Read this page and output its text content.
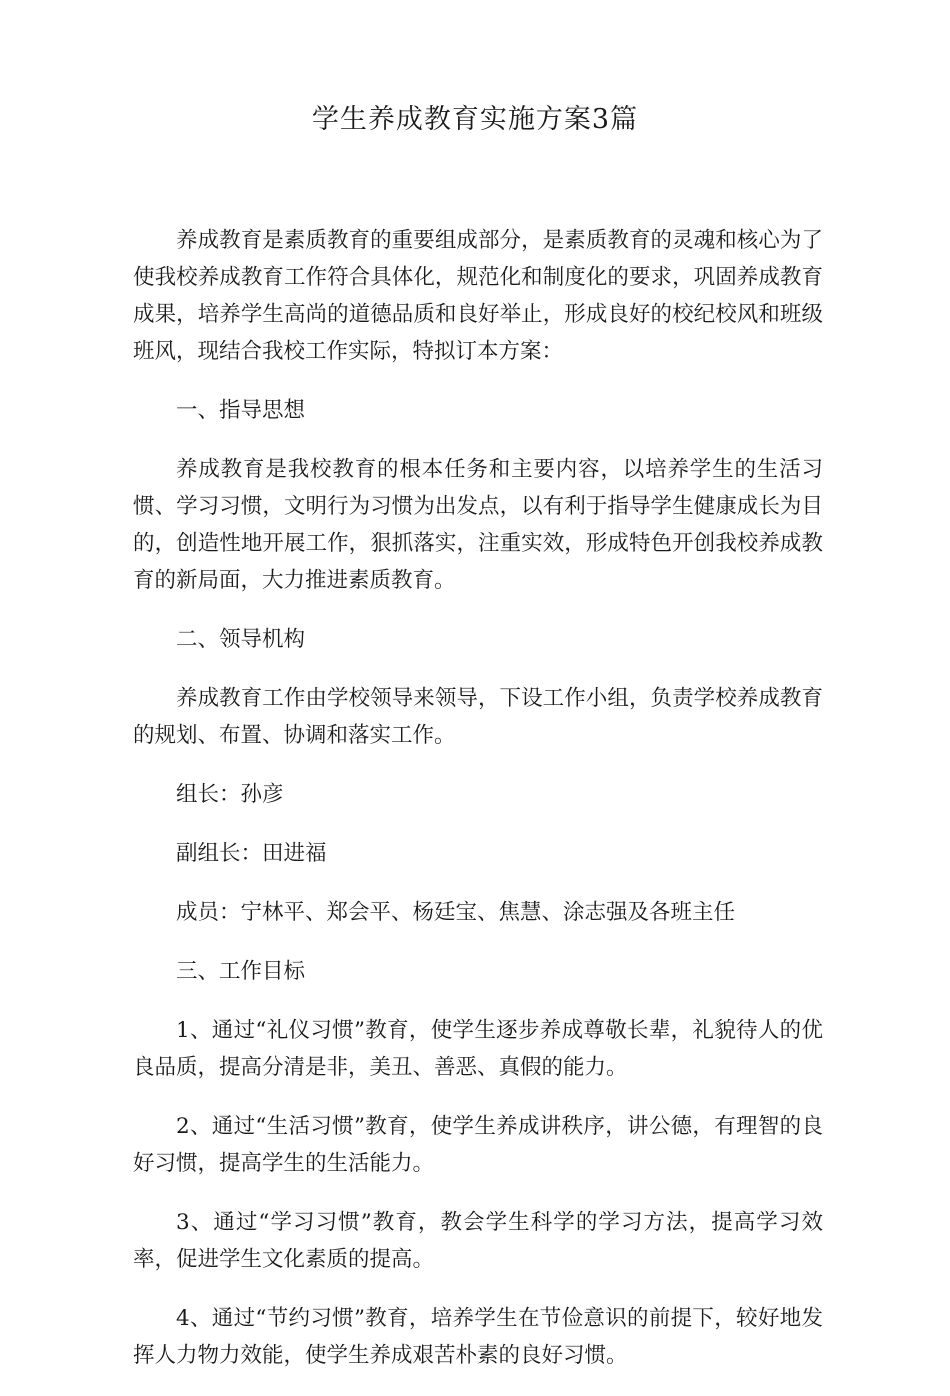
学生养成教育实施方案3篇

养成教育是素质教育的重要组成部分，是素质教育的灵魂和核心为了使我校养成教育工作符合具体化，规范化和制度化的要求，巩固养成教育成果，培养学生高尚的道德品质和良好举止，形成良好的校纪校风和班级班风，现结合我校工作实际，特拟订本方案：

一、指导思想

养成教育是我校教育的根本任务和主要内容，以培养学生的生活习惯、学习习惯，文明行为习惯为出发点，以有利于指导学生健康成长为目的，创造性地开展工作，狠抓落实，注重实效，形成特色开创我校养成教育的新局面，大力推进素质教育。

二、领导机构

养成教育工作由学校领导来领导，下设工作小组，负责学校养成教育的规划、布置、协调和落实工作。

组长：孙彦

副组长：田进福

成员：宁林平、郑会平、杨廷宝、焦慧、涂志强及各班主任

三、工作目标

1、通过“礼仪习惯”教育，使学生逐步养成尊敬长辈，礼貌待人的优良品质，提高分清是非，美丑、善恶、真假的能力。

2、通过“生活习惯”教育，使学生养成讲秩序，讲公德，有理智的良好习惯，提高学生的生活能力。

3、通过“学习习惯”教育，教会学生科学的学习方法，提高学习效率，促进学生文化素质的提高。

4、通过“节约习惯”教育，培养学生在节俭意识的前提下，较好地发挥人力物力效能，使学生养成艰苦朴素的良好习惯。
